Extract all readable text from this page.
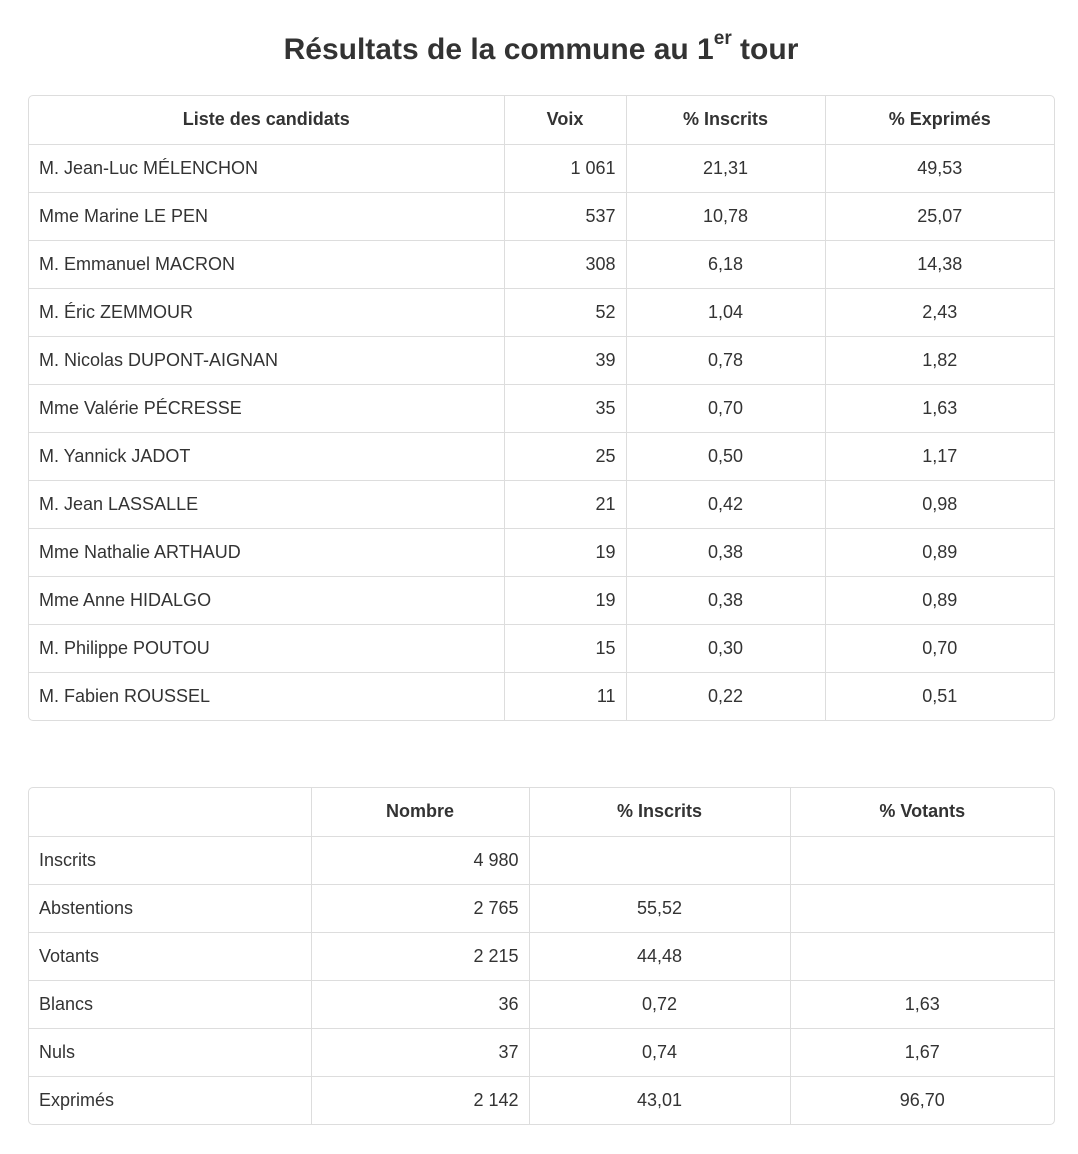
Résultats de la commune au 1er tour
Liste des candidats	Voix	% Inscrits	% Exprimés
M. Jean-Luc MÉLENCHON	1 061	21,31	49,53
Mme Marine LE PEN	537	10,78	25,07
M. Emmanuel MACRON	308	6,18	14,38
M. Éric ZEMMOUR	52	1,04	2,43
M. Nicolas DUPONT-AIGNAN	39	0,78	1,82
Mme Valérie PÉCRESSE	35	0,70	1,63
M. Yannick JADOT	25	0,50	1,17
M. Jean LASSALLE	21	0,42	0,98
Mme Nathalie ARTHAUD	19	0,38	0,89
Mme Anne HIDALGO	19	0,38	0,89
M. Philippe POUTOU	15	0,30	0,70
M. Fabien ROUSSEL	11	0,22	0,51
	Nombre	% Inscrits	% Votants
Inscrits	4 980		
Abstentions	2 765	55,52	
Votants	2 215	44,48	
Blancs	36	0,72	1,63
Nuls	37	0,74	1,67
Exprimés	2 142	43,01	96,70
